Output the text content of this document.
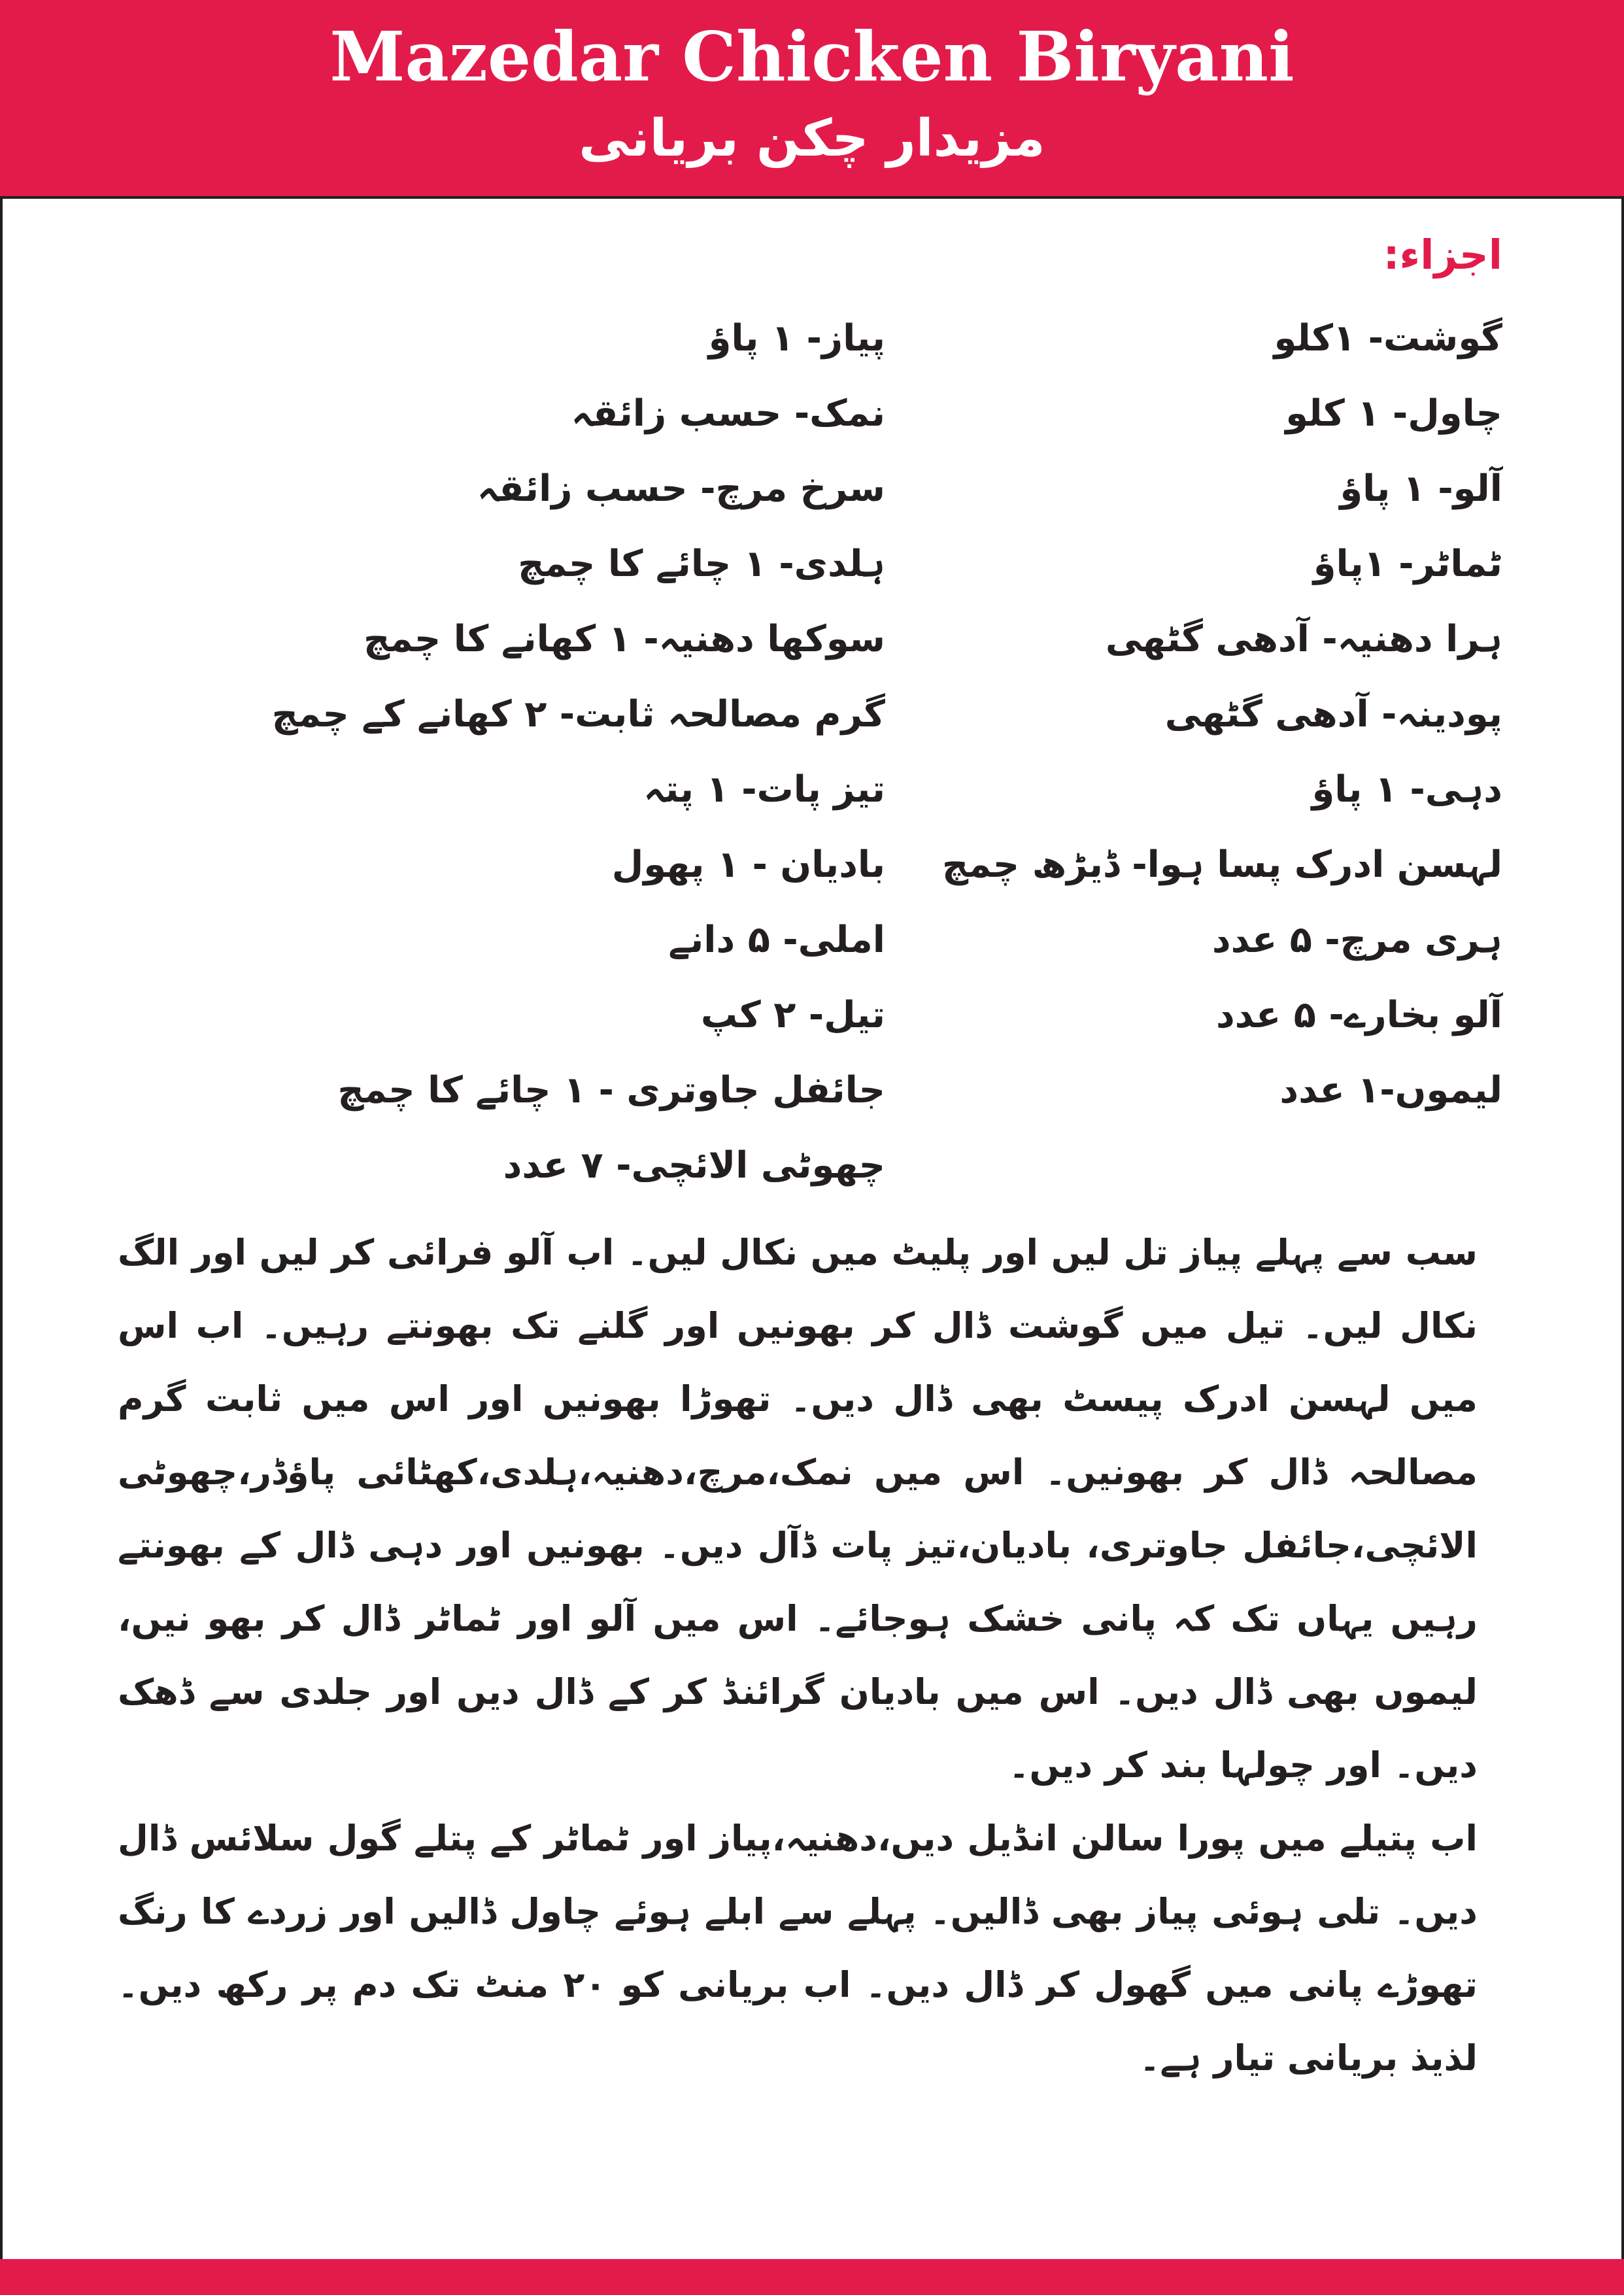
Mazedar Chicken Biryani
مزیدار چکن بریانی
اجزاء:
گوشت- ۱کلو
چاول- ۱ کلو
آلو- ۱ پاؤ
ٹماٹر- ۱پاؤ
ہرا دھنیہ- آدھی گٹھی
پودینہ- آدھی گٹھی
دہی- ۱ پاؤ
لہسن ادرک پسا ہوا- ڈیڑھ چمچ
ہری مرچ- ۵ عدد
آلو بخارے- ۵ عدد
لیموں-۱ عدد
پیاز- ۱ پاؤ
نمک- حسب زائقہ
سرخ مرچ- حسب زائقہ
ہلدی- ۱ چائے کا چمچ
سوکھا دھنیہ- ۱ کھانے کا چمچ
گرم مصالحہ ثابت- ۲ کھانے کے چمچ
تیز پات- ۱ پتہ
بادیان - ۱ پھول
املی- ۵ دانے
تیل- ۲ کپ
جائفل جاوتری - ۱ چائے کا چمچ
چھوٹی الائچی- ۷ عدد

سب سے پہلے پیاز تل لیں اور پلیٹ میں نکال لیں۔ اب آلو فرائی کر لیں اور الگ نکال لیں۔ تیل میں گوشت ڈال کر بھونیں اور گلنے تک بھونتے رہیں۔ اب اس میں لہسن ادرک پیسٹ بھی ڈال دیں۔ تھوڑا بھونیں اور اس میں ثابت گرم مصالحہ ڈال کر بھونیں۔ اس میں نمک،مرچ،دھنیہ،ہلدی،کھٹائی پاؤڈر،چھوٹی الائچی،جائفل جاوتری، بادیان،تیز پات ڈآل دیں۔ بھونیں اور دہی ڈال کے بھونتے رہیں یہاں تک کہ پانی خشک ہوجائے۔ اس میں آلو اور ٹماٹر ڈال کر بھو نیں، لیموں بھی ڈال دیں۔ اس میں بادیان گرائنڈ کر کے ڈال دیں اور جلدی سے ڈھک دیں۔ اور چولہا بند کر دیں۔

اب پتیلے میں پورا سالن انڈیل دیں،دھنیہ،پیاز اور ٹماٹر کے پتلے گول سلائس ڈال دیں۔ تلی ہوئی پیاز بھی ڈالیں۔ پہلے سے ابلے ہوئے چاول ڈالیں اور زردے کا رنگ تھوڑے پانی میں گھول کر ڈال دیں۔ اب بریانی کو ۲۰ منٹ تک دم پر رکھ دیں۔ لذیذ بریانی تیار ہے۔
